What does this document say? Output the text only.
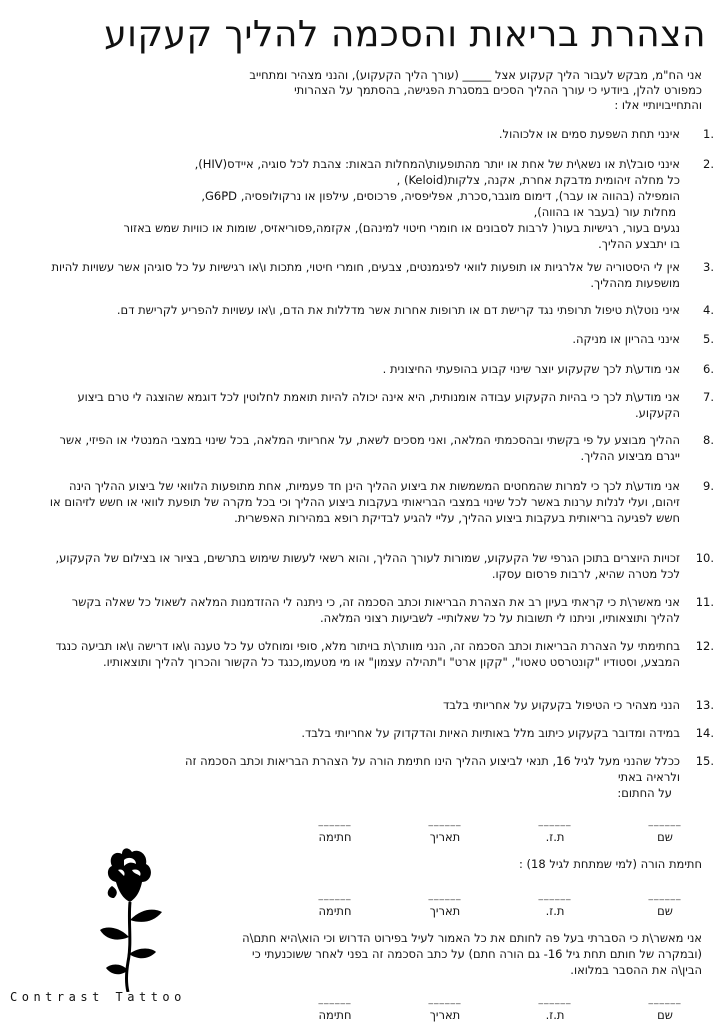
הצהרת בריאות והסכמה להליך קעקוע
אני הח"מ, מבקש לעבור הליך קעקוע אצל _____ (עורך הליך הקעקוע), והנני מצהיר ומתחייב כמפורט להלן, ביודעי כי עורך ההליך הסכים במסגרת הפגישה, בהסתמך על הצהרותי והתחייבויותיי אלו :
.1
אינני תחת השפעת סמים או אלכוהול.
.2
אינני סובל\ת או נשא\ית של אחת או יותר מהתופעות\המחלות הבאות: צהבת לכל סוגיה, איידס(HIV),
כל מחלה זיהומית מדבקת אחרת, אקנה, צלקות(Keloid) ,
הומפילה (בהווה או עבר), דימום מוגבר,סכרת, אפליפסיה, פרכוסים, עילפון או נרקולופסיה, G6PD,
מחלות עור (בעבר או בהווה),
נגעים בעור, רגישיות בעור( לרבות לסבונים או חומרי חיטוי למינהם), אקזמה,פסוריאזיס, שומות או כוויות שמש באזור
בו יתבצע ההליך.
.3
אין לי היסטוריה של אלרגיות או תופעות לוואי לפיגמנטים, צבעים, חומרי חיטוי, מתכות ו\או רגישיות על כל סוגיהן אשר עשויות להיות מושפעות מההליך.
.4
איני נוטל\ת טיפול תרופתי נגד קרישת דם או תרופות אחרות אשר מדללות את הדם, ו\או עשויות להפריע לקרישת דם.
.5
אינני בהריון או מניקה.
.6
אני מודע\ת לכך שקעקוע יוצר שינוי קבוע בהופעתי החיצונית .
.7
אני מודע\ת לכך כי בהיות הקעקוע עבודה אומנותית, היא אינה יכולה להיות תואמת לחלוטין לכל דוגמא שהוצגה לי טרם ביצוע הקעקוע.
.8
ההליך מבוצע על פי בקשתי ובהסכמתי המלאה, ואני מסכים לשאת, על אחריותי המלאה, בכל שינוי במצבי המנטלי או הפיזי, אשר ייגרם מביצוע ההליך.
.9
אני מודע\ת לכך כי למרות שהמחטים המשמשות את ביצוע ההליך הינן חד פעמיות, אחת מתופעות הלוואי של ביצוע ההליך הינה זיהום, ועלי לנלות ערנות באשר לכל שינוי במצבי הבריאותי בעקבות ביצוע ההליך וכי בכל מקרה של תופעת לוואי או חשש לזיהום או חשש לפגיעה בריאותית בעקבות ביצוע ההליך, עליי להגיע לבדיקת רופא במהירות האפשרית.
.10
זכויות היוצרים בתוכן הגרפי של הקעקוע, שמורות לעורך ההליך, והוא רשאי לעשות שימוש בתרשים, בציור או בצילום של הקעקוע, לכל מטרה שהיא, לרבות פרסום עסקו.
.11
אני מאשר\ת כי קראתי בעיון רב את הצהרת הבריאות וכתב הסכמה זה, כי ניתנה לי ההזדמנות המלאה לשאול כל שאלה בקשר להליך ותוצאותיו, וניתנו לי תשובות על כל שאלותיי- לשביעות רצוני המלאה.
.12
בחתימתי על הצהרת הבריאות וכתב הסכמה זה, הנני מוותר\ת בויתור מלא, סופי ומוחלט על כל טענה ו\או דרישה ו\או תביעה כנגד המבצע, וסטודיו "קונטרסט טאטו", "קקון ארט" ו"תהילה עצמון" או מי מטעמו,כנגד כל הקשור והכרוך להליך ותוצאותיו.
.13
הנני מצהיר כי הטיפול בקעקוע על אחריותי בלבד
.14
במידה ומדובר בקעקוע כיתוב מלל באותיות האיות והדקדוק על אחריותי בלבד.
.15
ככלל שהנני מעל לגיל 16, תנאי לביצוע ההליך הינו חתימת הורה על הצהרת הבריאות וכתב הסכמה זה
ולראיה באתי
על החתום:
______
שם
______
ת.ז.
______
תאריך
______
חתימה
חתימת הורה (למי שמתחת לגיל 18) :
______
שם
______
ת.ז.
______
תאריך
______
חתימה
אני מאשר\ת כי הסברתי בעל פה לחותם את כל האמור לעיל בפירוט הדרוש וכי הוא\היא חתם\ה (ובמקרה של חותם תחת גיל 16- גם הורה חתם) על כתב הסכמה זה בפני לאחר ששוכנעתי כי הבין\ה את ההסבר במלואו.
______
שם
______
ת.ז.
______
תאריך
______
חתימה
Contrast Tattoo
